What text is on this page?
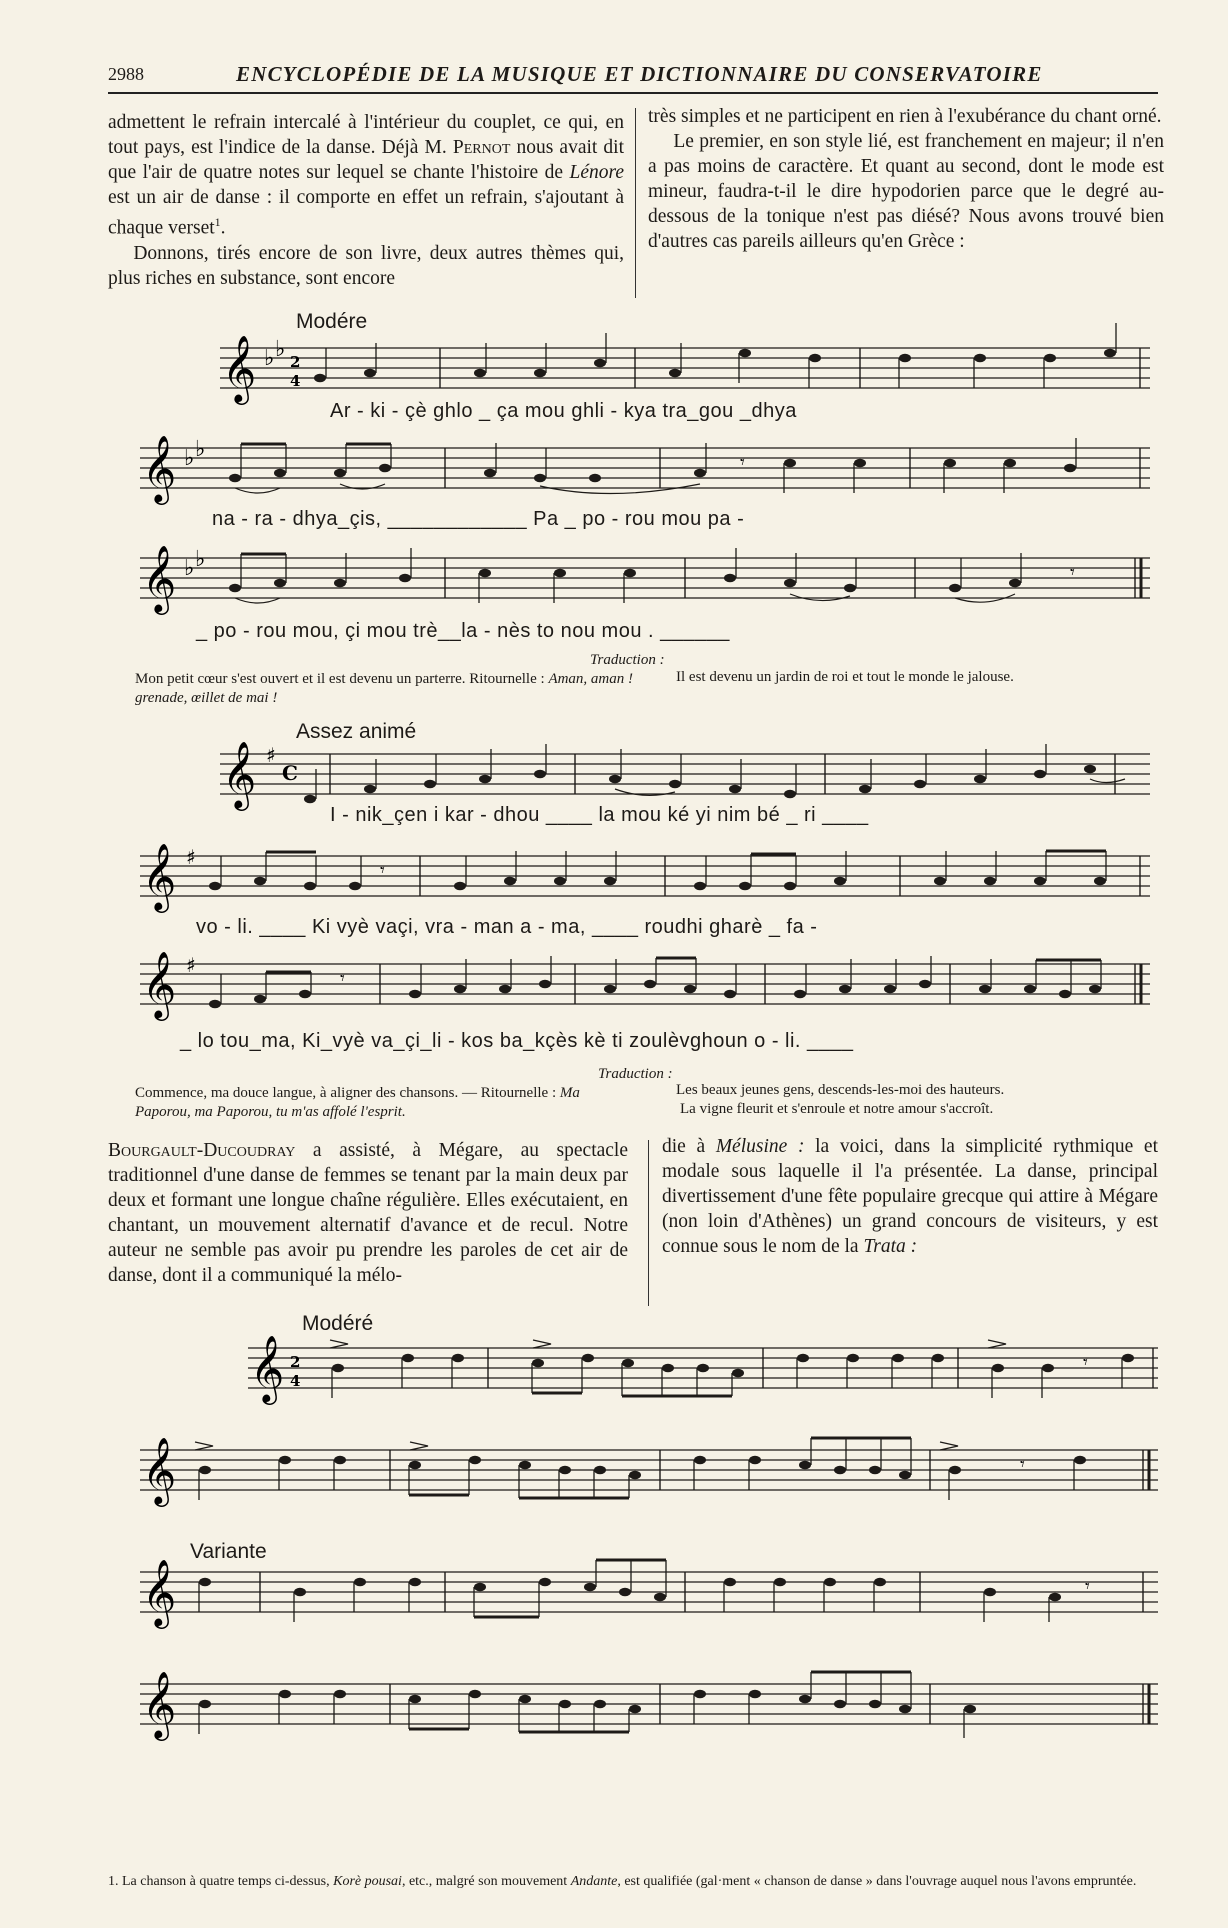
2988	ENCYCLOPÉDIE DE LA MUSIQUE ET DICTIONNAIRE DU CONSERVATOIRE

admettent le refrain intercalé à l'intérieur du couplet, ce qui, en tout pays, est l'indice de la danse. Déjà M. Pernot nous avait dit que l'air de quatre notes sur lequel se chante l'histoire de Lénore est un air de danse : il comporte en effet un refrain, s'ajoutant à chaque verset$^1$.

Donnons, tirés encore de son livre, deux autres thèmes qui, plus riches en substance, sont encore

très simples et ne participent en rien à l'exubérance du chant orné.

Le premier, en son style lié, est franchement en majeur; il n'en a pas moins de caractère. Et quant au second, dont le mode est mineur, faudra-t-il le dire hypodorien parce que le degré au-dessous de la tonique n'est pas diésé? Nous avons trouvé bien d'autres cas pareils ailleurs qu'en Grèce :

Modére
𝄞 ♭ ♭ 2
4
Ar - ki - çè ghlo _ ça mou ghli - kya tra_gou _dhya
𝄞 ♭ ♭
𝄾
na - ra - dhya_çis, ____________ Pa _ po - rou mou pa -
𝄞 ♭ ♭
𝄾
_ po - rou mou, çi mou trè__la - nès to nou mou . ______
Traduction :
Mon petit cœur s'est ouvert et il est devenu un parterre. Ritournelle : Aman, aman ! grenade, œillet de mai !
Il est devenu un jardin de roi et tout le monde le jalouse.
Assez animé
𝄞 ♯
C
I - nik_çen i kar - dhou ____ la mou ké yi nim bé _ ri ____
𝄞 ♯
𝄾
vo - li. ____ Ki vyè vaçi, vra - man a - ma, ____ roudhi gharè _ fa -
𝄞 ♯
𝄾
_ lo tou_ma, Ki_vyè va_çi_li - kos ba_kçès kè ti zoulèvghoun o - li. ____
Traduction :
Commence, ma douce langue, à aligner des chansons. — Ritournelle : Ma Paporou, ma Paporou, tu m'as affolé l'esprit.
Les beaux jeunes gens, descends-les-moi des hauteurs.
La vigne fleurit et s'enroule et notre amour s'accroît.

Bourgault-Ducoudray a assisté, à Mégare, au spectacle traditionnel d'une danse de femmes se tenant par la main deux par deux et formant une longue chaîne régulière. Elles exécutaient, en chantant, un mouvement alternatif d'avance et de recul. Notre auteur ne semble pas avoir pu prendre les paroles de cet air de danse, dont il a communiqué la mélo-

die à Mélusine : la voici, dans la simplicité rythmique et modale sous laquelle il l'a présentée. La danse, principal divertissement d'une fête populaire grecque qui attire à Mégare (non loin d'Athènes) un grand concours de visiteurs, y est connue sous le nom de la Trata :

Modéré
𝄞 2
4
𝄾
𝄞	𝄾
Variante
𝄞	𝄾
𝄞
1. La chanson à quatre temps ci-dessus, Korè pousai, etc., malgré son mouvement Andante, est qualifiée (gal·ment « chanson de danse » dans l'ouvrage auquel nous l'avons empruntée.
